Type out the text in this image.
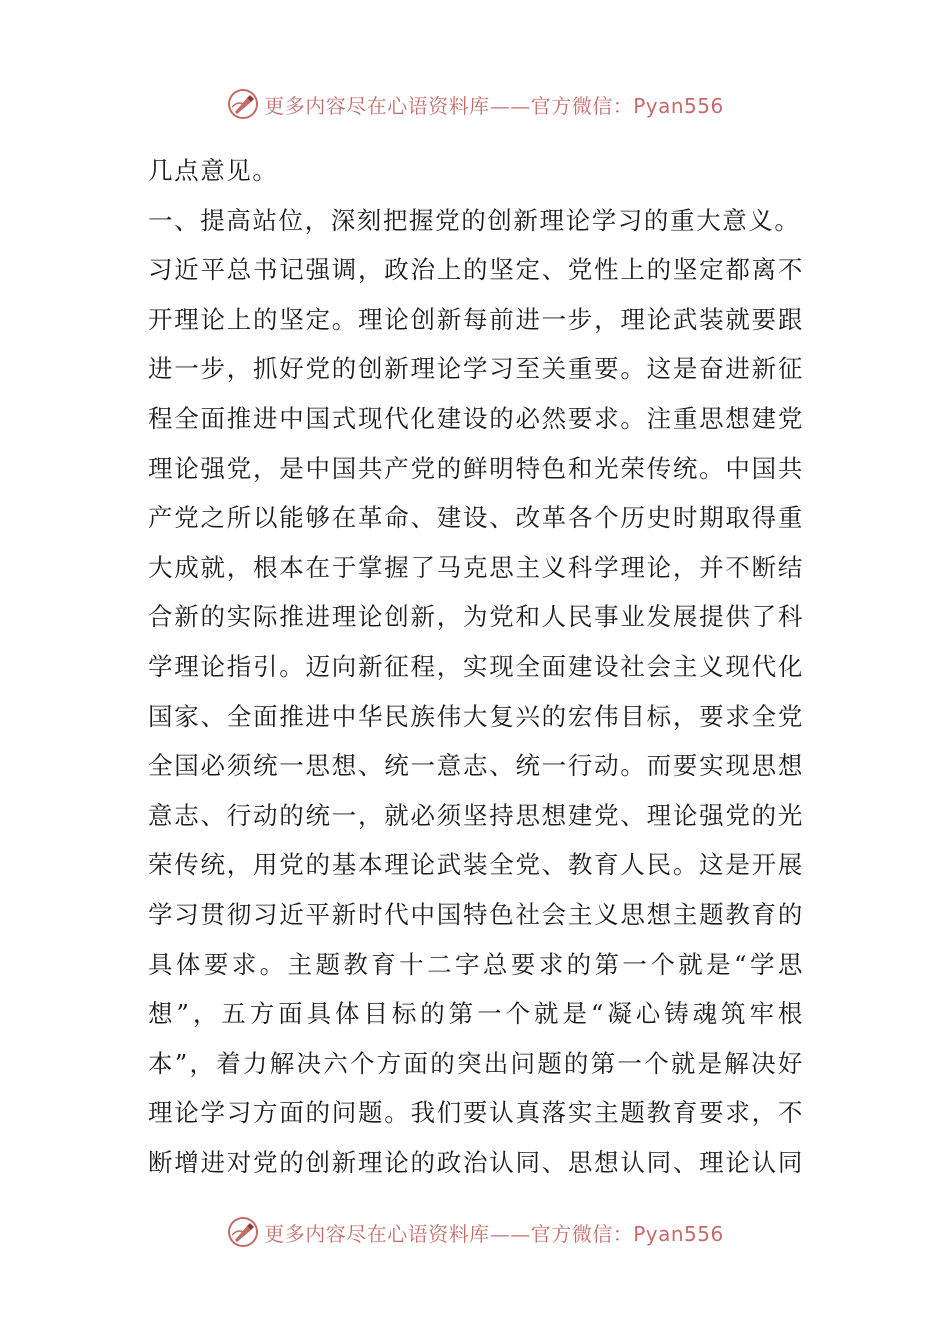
更多内容尽在心语资料库——官方微信：Pyan556
几点意见。
一、提高站位，深刻把握党的创新理论学习的重大意义。
习近平总书记强调，政治上的坚定、党性上的坚定都离不
开理论上的坚定。理论创新每前进一步，理论武装就要跟
进一步，抓好党的创新理论学习至关重要。这是奋进新征
程全面推进中国式现代化建设的必然要求。注重思想建党
理论强党，是中国共产党的鲜明特色和光荣传统。中国共
产党之所以能够在革命、建设、改革各个历史时期取得重
大成就，根本在于掌握了马克思主义科学理论，并不断结
合新的实际推进理论创新，为党和人民事业发展提供了科
学理论指引。迈向新征程，实现全面建设社会主义现代化
国家、全面推进中华民族伟大复兴的宏伟目标，要求全党
全国必须统一思想、统一意志、统一行动。而要实现思想
意志、行动的统一，就必须坚持思想建党、理论强党的光
荣传统，用党的基本理论武装全党、教育人民。这是开展
学习贯彻习近平新时代中国特色社会主义思想主题教育的
具体要求。主题教育十二字总要求的第一个就是“学思
想”，五方面具体目标的第一个就是“凝心铸魂筑牢根
本”，着力解决六个方面的突出问题的第一个就是解决好
理论学习方面的问题。我们要认真落实主题教育要求，不
断增进对党的创新理论的政治认同、思想认同、理论认同
更多内容尽在心语资料库——官方微信：Pyan556
